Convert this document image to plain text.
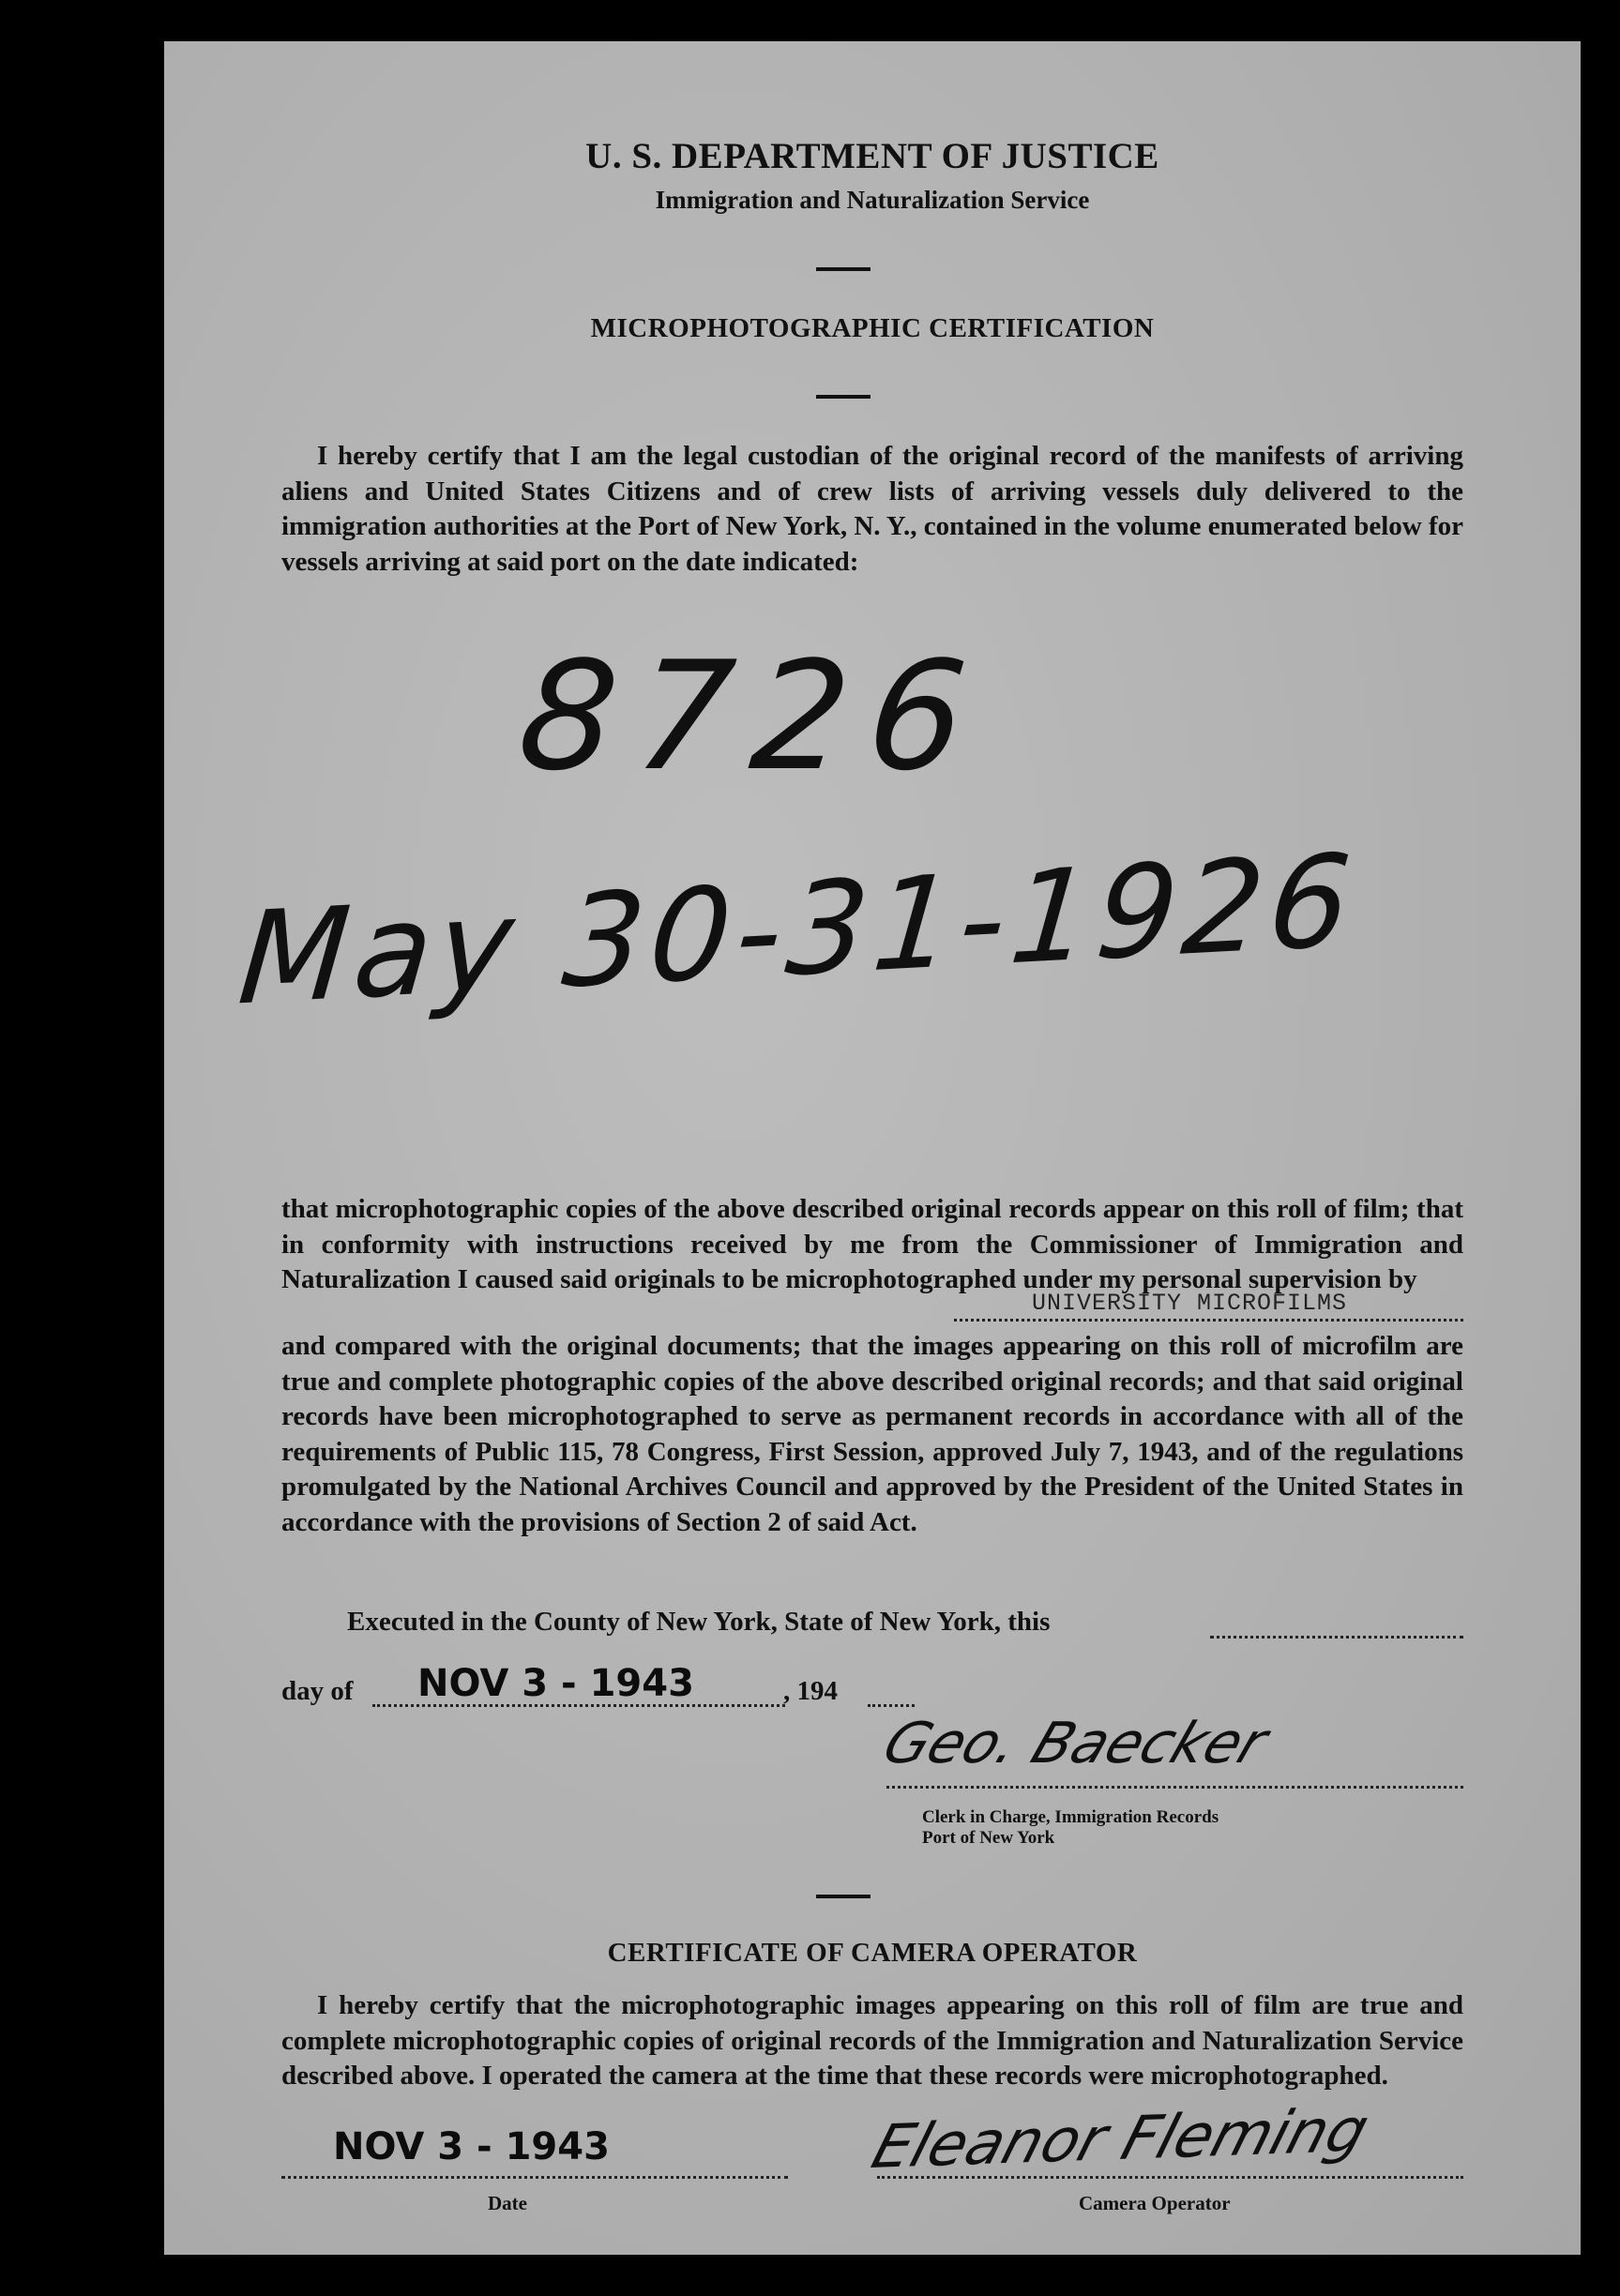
U. S. DEPARTMENT OF JUSTICE
Immigration and Naturalization Service
MICROPHOTOGRAPHIC CERTIFICATION
I hereby certify that I am the legal custodian of the original record of the manifests of arriving aliens and United States Citizens and of crew lists of arriving vessels duly delivered to the immigration authorities at the Port of New York, N. Y., contained in the volume enumerated below for vessels arriving at said port on the date indicated:
8726
May 30-31-1926
that microphotographic copies of the above described original records appear on this roll of film; that in conformity with instructions received by me from the Commissioner of Immigration and Naturalization I caused said originals to be microphotographed under my personal supervision by
UNIVERSITY MICROFILMS
and compared with the original documents; that the images appearing on this roll of microfilm are true and complete photographic copies of the above described original records; and that said original records have been microphotographed to serve as permanent records in accordance with all of the requirements of Public 115, 78 Congress, First Session, approved July 7, 1943, and of the regulations promulgated by the National Archives Council and approved by the President of the United States in accordance with the provisions of Section 2 of said Act.
Executed in the County of New York, State of New York, this
day of NOV 3 - 1943	, 194
Geo. Baecker
Clerk in Charge, Immigration Records
Port of New York
CERTIFICATE OF CAMERA OPERATOR
I hereby certify that the microphotographic images appearing on this roll of film are true and complete microphotographic copies of original records of the Immigration and Naturalization Service described above. I operated the camera at the time that these records were microphotographed.
NOV 3 - 1943
Date
Eleanor Fleming
Camera Operator
